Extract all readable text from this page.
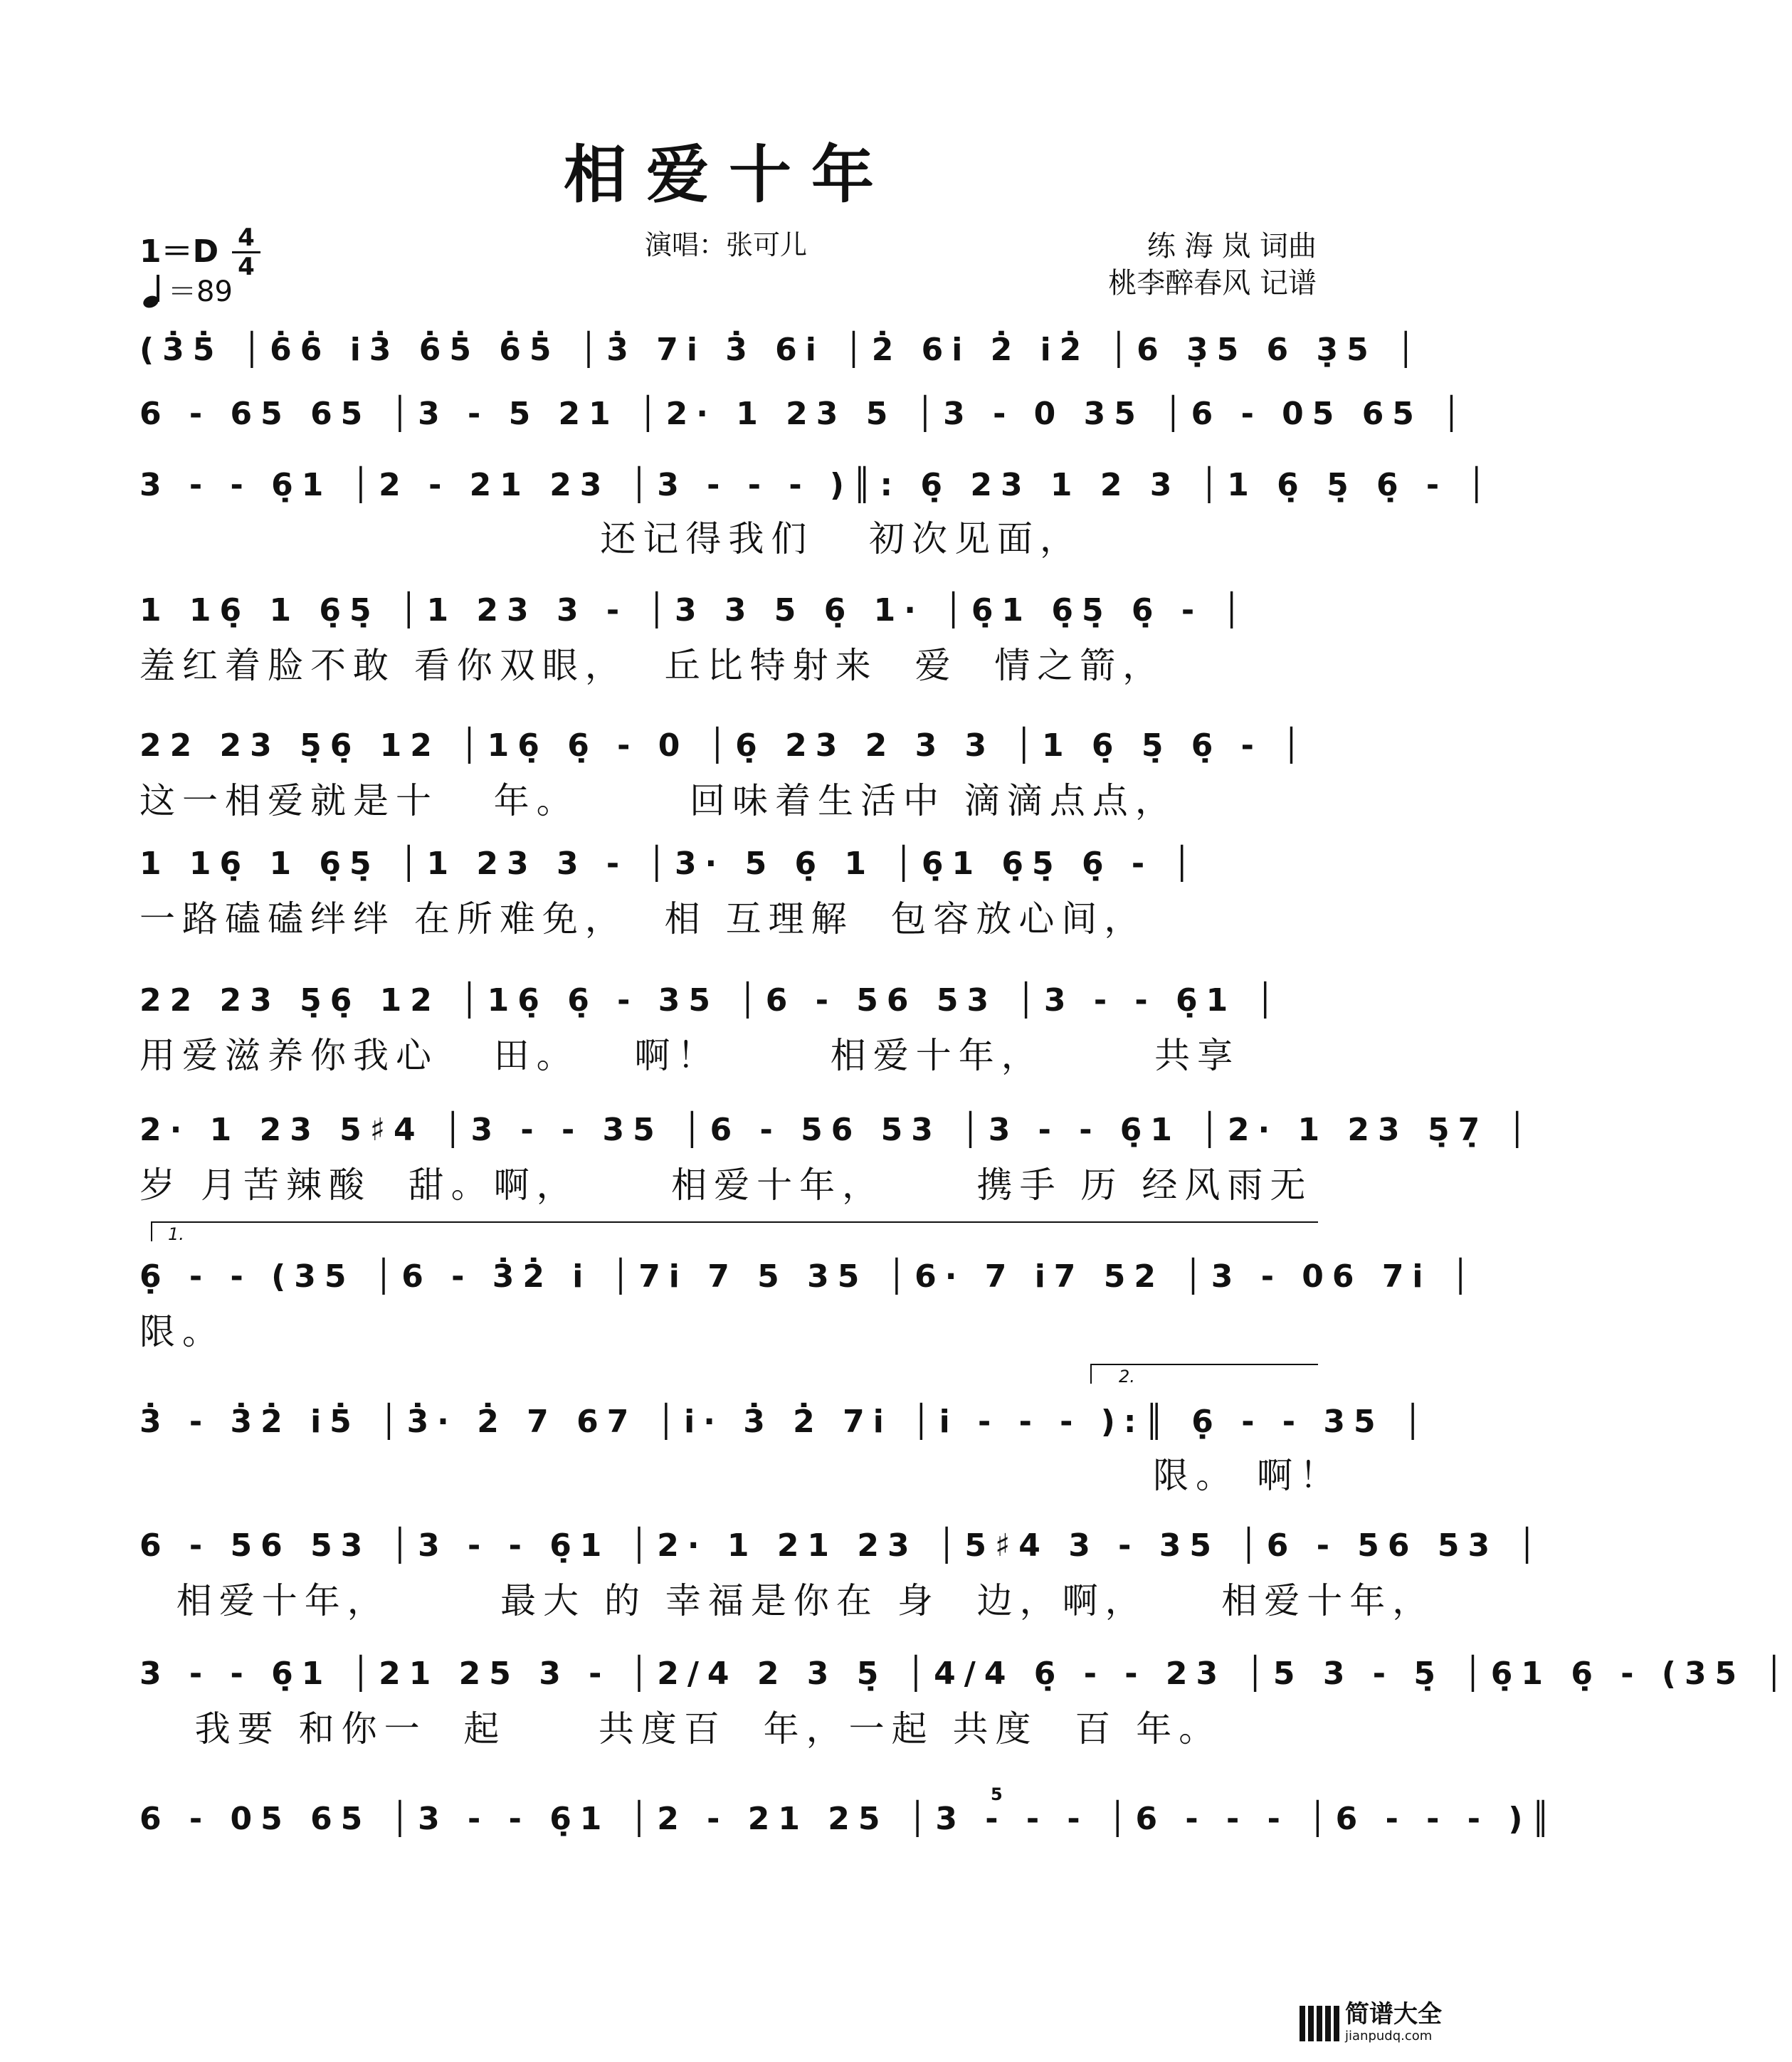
相爱十年
1＝D 4
4
＝89
演唱：张可儿	练 海 岚 词曲
桃李醉春风 记谱
(3̇5̇ │6̇6̇ i3̇ 6̇5̇ 6̇5̇ │3̇ 7i 3̇ 6i │2̇ 6i 2̇ i2̇ │6 3̣5 6 3̣5 │
6 - 65 65 │3 - 5 21 │2· 1 23 5 │3 - 0 35 │6 - 05 65 │
3 - - 6̣1 │2 - 21 23 │3 - - - )║: 6̣ 23 1 2 3 │1 6̣ 5̣ 6̣ - │
还记得我们   初次见面，
1 16̣ 1 6̣5̣ │1 23 3 - │3 3 5 6̣ 1· │6̣1 6̣5̣ 6̣ - │
羞红着脸不敢 看你双眼，  丘比特射来  爱  情之箭，
22 23 5̣6̣ 12 │16̣ 6̣ - 0 │6̣ 23 2 3 3 │1 6̣ 5̣ 6̣ - │
这一相爱就是十   年。      回味着生活中 滴滴点点，
1 16̣ 1 6̣5̣ │1 23 3 - │3· 5 6̣ 1 │6̣1 6̣5̣ 6̣ - │
一路磕磕绊绊 在所难免，  相 互理解  包容放心间，
22 23 5̣6̣ 12 │16̣ 6̣ - 35 │6 - 56 53 │3 - - 6̣1 │
用爱滋养你我心   田。   啊！      相爱十年，      共享
2· 1 23 5♯4 │3 - - 35 │6 - 56 53 │3 - - 6̣1 │2· 1 23 5̣7̣ │
岁 月苦辣酸  甜。啊，     相爱十年，     携手 历 经风雨无
1.
6̣ - - (35 │6 - 3̇2̇ i │7i 7 5 35 │6· 7 i7 52 │3 - 06 7i │
限。
2.
3̇ - 3̇2̇ i5̇ │3̇· 2̇ 7 67 │i· 3̇ 2̇ 7i │i - - - ):║ 6̣ - - 35 │
限。 啊！
6 - 56 53 │3 - - 6̣1 │2· 1 21 23 │5♯4 3 - 35 │6 - 56 53 │
相爱十年，      最大 的 幸福是你在 身  边，啊，    相爱十年，
3 - - 6̣1 │21 25 3 - │2/4 2 3 5̣ │4/4 6̣ - - 23 │5 3 - 5̣ │6̣1 6̣ - (35 │
我要 和你一  起     共度百  年，一起 共度  百 年。
6 - 05 65 │3 - - 6̣1 │2 - 21 25 │3 - - - │6 - - - │6 - - - )║
5
简谱大全
jianpudq.com
